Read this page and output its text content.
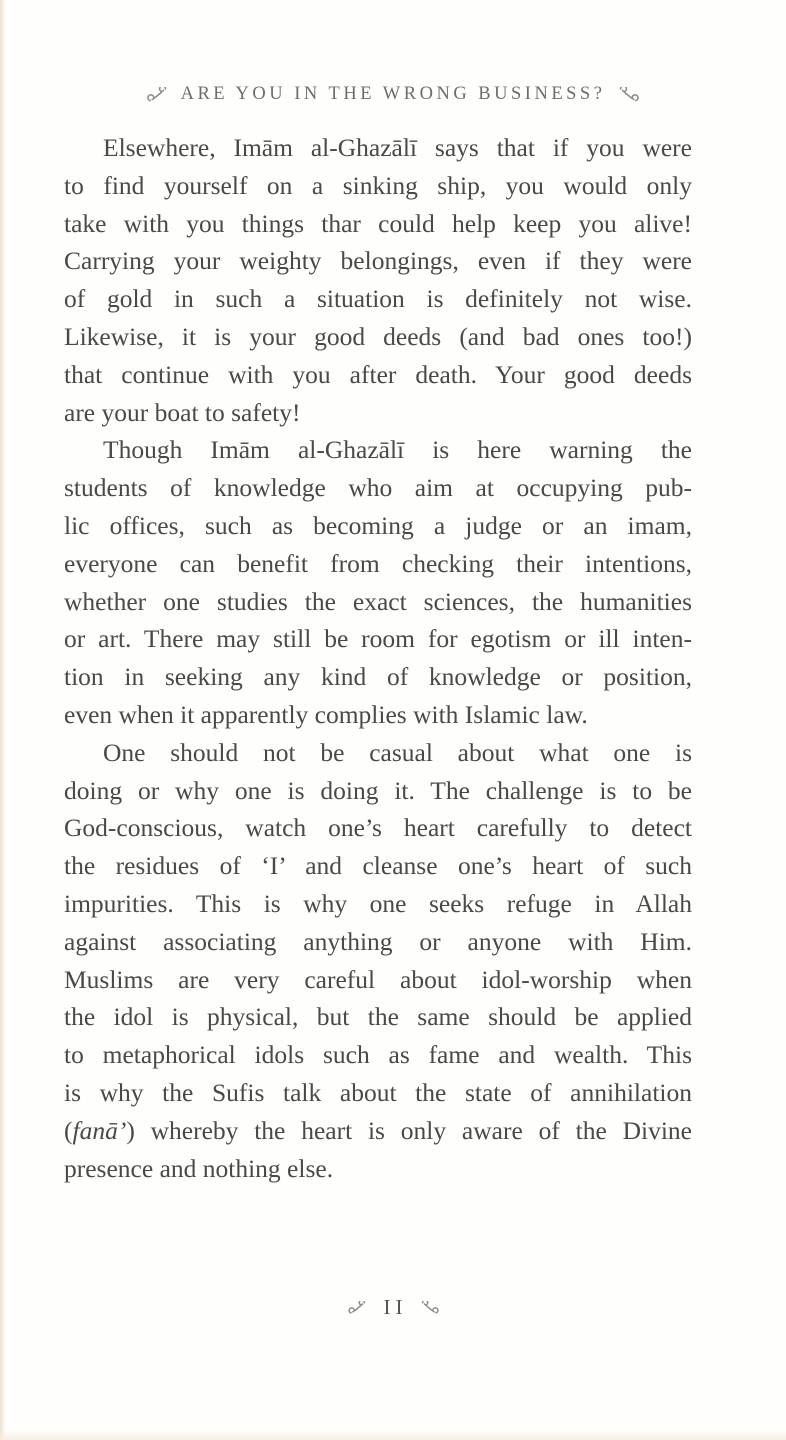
ARE YOU IN THE WRONG BUSINESS?
Elsewhere, Imām al-Ghazālī says that if you were
to find yourself on a sinking ship, you would only
take with you things thar could help keep you alive!
Carrying your weighty belongings, even if they were
of gold in such a situation is definitely not wise.
Likewise, it is your good deeds (and bad ones too!)
that continue with you after death. Your good deeds
are your boat to safety!
Though Imām al-Ghazālī is here warning the
students of knowledge who aim at occupying pub-
lic offices, such as becoming a judge or an imam,
everyone can benefit from checking their intentions,
whether one studies the exact sciences, the humanities
or art. There may still be room for egotism or ill inten-
tion in seeking any kind of knowledge or position,
even when it apparently complies with Islamic law.
One should not be casual about what one is
doing or why one is doing it. The challenge is to be
God-conscious, watch one’s heart carefully to detect
the residues of ‘I’ and cleanse one’s heart of such
impurities. This is why one seeks refuge in Allah
against associating anything or anyone with Him.
Muslims are very careful about idol-worship when
the idol is physical, but the same should be applied
to metaphorical idols such as fame and wealth. This
is why the Sufis talk about the state of annihilation
(fanā’) whereby the heart is only aware of the Divine
presence and nothing else.
II
